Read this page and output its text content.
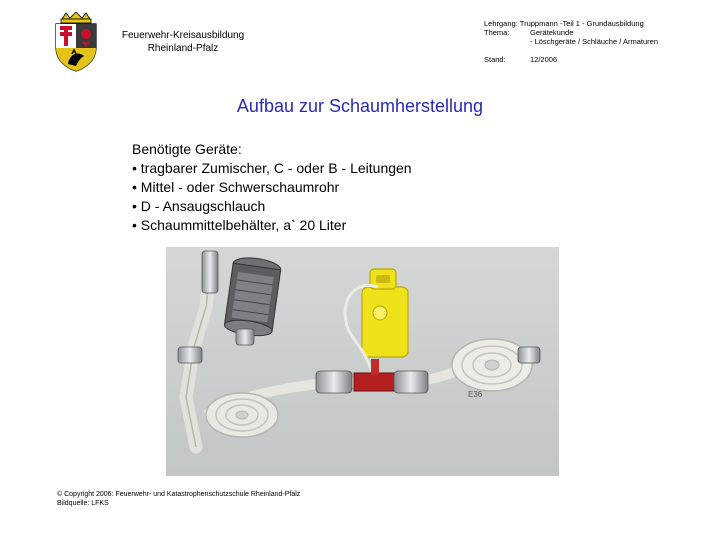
Feuerwehr-Kreisausbildung
Rheinland-Pfalz
Lehrgang: Truppmann -Teil 1 - Grundausbildung
Thema:	Gerätekunde
- Löschgeräte / Schläuche / Armaturen
Stand:	12/2006
Aufbau zur Schaumherstellung
Benötigte Geräte:
• tragbarer Zumischer, C - oder B - Leitungen
• Mittel - oder Schwerschaumrohr
• D - Ansaugschlauch
• Schaummittelbehälter, a` 20 Liter
E36
© Copyright 2006: Feuerwehr- und Katastrophenschutzschule Rheinland-Pfalz
Bildquelle: LFKS
